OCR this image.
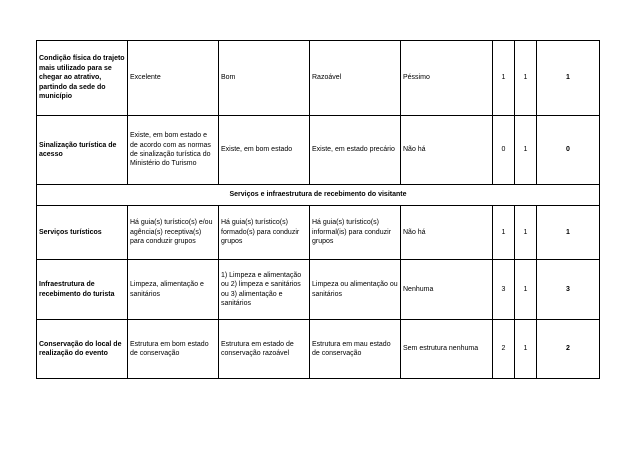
Condição física do trajeto mais utilizado para se chegar ao atrativo, partindo da sede do município	Excelente	Bom	Razoável	Péssimo	1	1	1
Sinalização turística de acesso	Existe, em bom estado e de acordo com as normas de sinalização turística do Ministério do Turismo	Existe, em bom estado	Existe, em estado precário	Não há	0	1	0
Serviços e infraestrutura de recebimento do visitante							
Serviços turísticos	Há guia(s) turístico(s) e/ou agência(s) receptiva(s) para conduzir grupos	Há guia(s) turístico(s) formado(s) para conduzir grupos	Há guia(s) turístico(s) informal(is) para conduzir grupos	Não há	1	1	1
Infraestrutura de recebimento do turista	Limpeza, alimentação e sanitários	1) Limpeza e alimentação ou 2) limpeza e sanitários ou 3) alimentação e sanitários	Limpeza ou alimentação ou sanitários	Nenhuma	3	1	3
Conservação do local de realização do evento	Estrutura em bom estado de conservação	Estrutura em estado de conservação razoável	Estrutura em mau estado de conservação	Sem estrutura nenhuma	2	1	2
